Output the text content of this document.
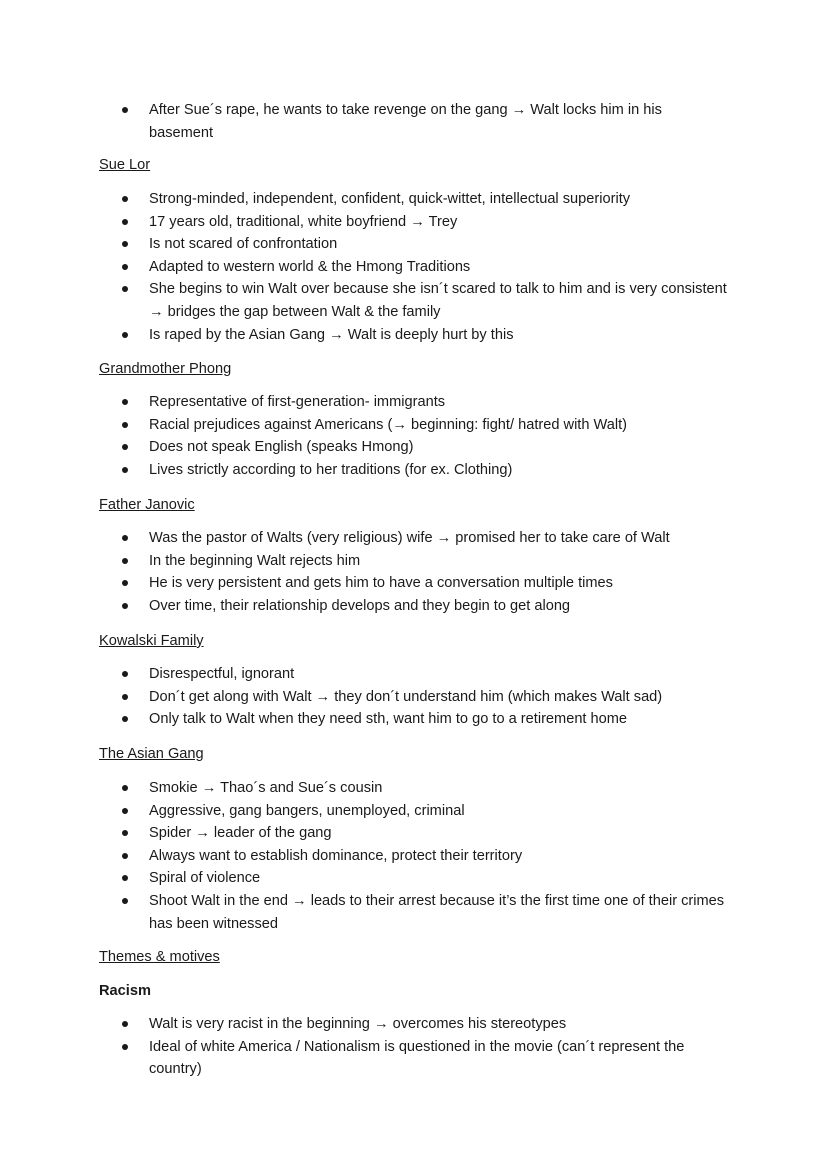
After Sue´s rape, he wants to take revenge on the gang → Walt locks him in his basement
Sue Lor
Strong-minded, independent, confident, quick-wittet, intellectual superiority
17 years old, traditional, white boyfriend → Trey
Is not scared of confrontation
Adapted to western world & the Hmong Traditions
She begins to win Walt over because she isn´t scared to talk to him and is very consistent → bridges the gap between Walt & the family
Is raped by the Asian Gang → Walt is deeply hurt by this
Grandmother Phong
Representative of first-generation- immigrants
Racial prejudices against Americans (→ beginning: fight/ hatred with Walt)
Does not speak English (speaks Hmong)
Lives strictly according to her traditions (for ex. Clothing)
Father Janovic
Was the pastor of Walts (very religious) wife → promised her to take care of Walt
In the beginning Walt rejects him
He is very persistent and gets him to have a conversation multiple times
Over time, their relationship develops and they begin to get along
Kowalski Family
Disrespectful, ignorant
Don´t get along with Walt → they don´t understand him (which makes Walt sad)
Only talk to Walt when they need sth, want him to go to a retirement home
The Asian Gang
Smokie → Thao´s and Sue´s cousin
Aggressive, gang bangers, unemployed, criminal
Spider → leader of the gang
Always want to establish dominance, protect their territory
Spiral of violence
Shoot Walt in the end → leads to their arrest because it’s the first time one of their crimes has been witnessed
Themes & motives
Racism
Walt is very racist in the beginning → overcomes his stereotypes
Ideal of white America / Nationalism is questioned in the movie (can´t represent the country)
